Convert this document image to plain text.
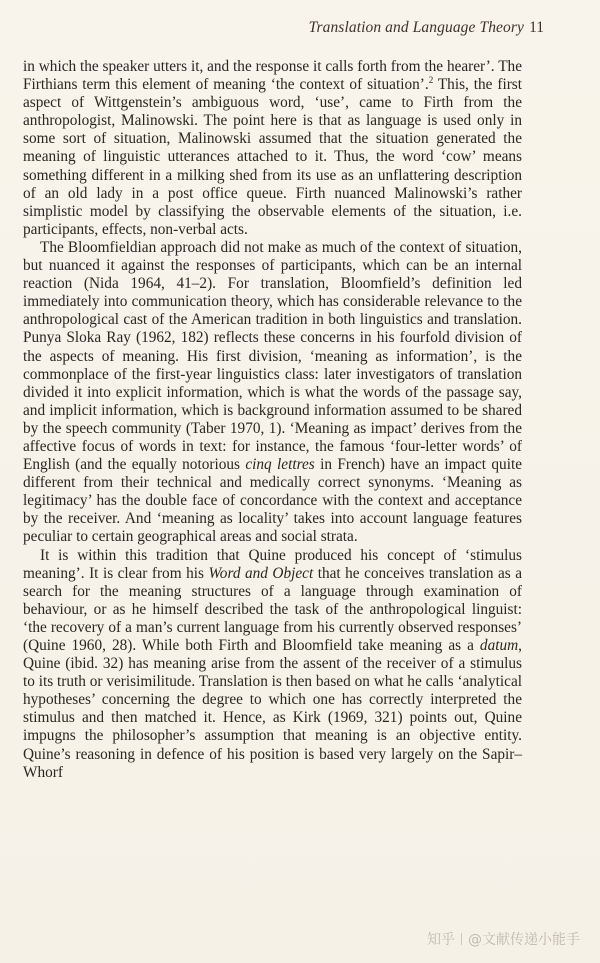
Translation and Language Theory 11

in which the speaker utters it, and the response it calls forth from the hearer’. The Firthians term this element of meaning ‘the context of situation’.$^2$ This, the first aspect of Wittgenstein’s ambiguous word, ‘use’, came to Firth from the anthropologist, Malinowski. The point here is that as language is used only in some sort of situation, Malinowski assumed that the situation generated the meaning of linguistic utterances attached to it. Thus, the word ‘cow’ means something different in a milking shed from its use as an unflattering description of an old lady in a post office queue. Firth nuanced Malinowski’s rather simplistic model by classifying the observable elements of the situation, i.e. participants, effects, non-verbal acts.

The Bloomfieldian approach did not make as much of the context of situation, but nuanced it against the responses of participants, which can be an internal reaction (Nida 1964, 41–2). For translation, Bloomfield’s definition led immediately into communication theory, which has considerable relevance to the anthropological cast of the American tradition in both linguistics and translation. Punya Sloka Ray (1962, 182) reflects these concerns in his fourfold division of the aspects of meaning. His first division, ‘meaning as information’, is the commonplace of the first-year linguistics class: later investigators of translation divided it into explicit information, which is what the words of the passage say, and implicit information, which is background information assumed to be shared by the speech community (Taber 1970, 1). ‘Meaning as impact’ derives from the affective focus of words in text: for instance, the famous ‘four-letter words’ of English (and the equally notorious cinq lettres in French) have an impact quite different from their technical and medically correct synonyms. ‘Meaning as legitimacy’ has the double face of concordance with the context and acceptance by the receiver. And ‘meaning as locality’ takes into account language features peculiar to certain geographical areas and social strata.

It is within this tradition that Quine produced his concept of ‘stimulus meaning’. It is clear from his Word and Object that he conceives translation as a search for the meaning structures of a language through examination of behaviour, or as he himself described the task of the anthropological linguist: ‘the recovery of a man’s current language from his currently observed responses’ (Quine 1960, 28). While both Firth and Bloomfield take meaning as a datum, Quine (ibid. 32) has meaning arise from the assent of the receiver of a stimulus to its truth or verisimilitude. Translation is then based on what he calls ‘analytical hypotheses’ concerning the degree to which one has correctly interpreted the stimulus and then matched it. Hence, as Kirk (1969, 321) points out, Quine impugns the philosopher’s assumption that meaning is an objective entity. Quine’s reasoning in defence of his position is based very largely on the Sapir–Whorf

知乎 @文献传递小能手
